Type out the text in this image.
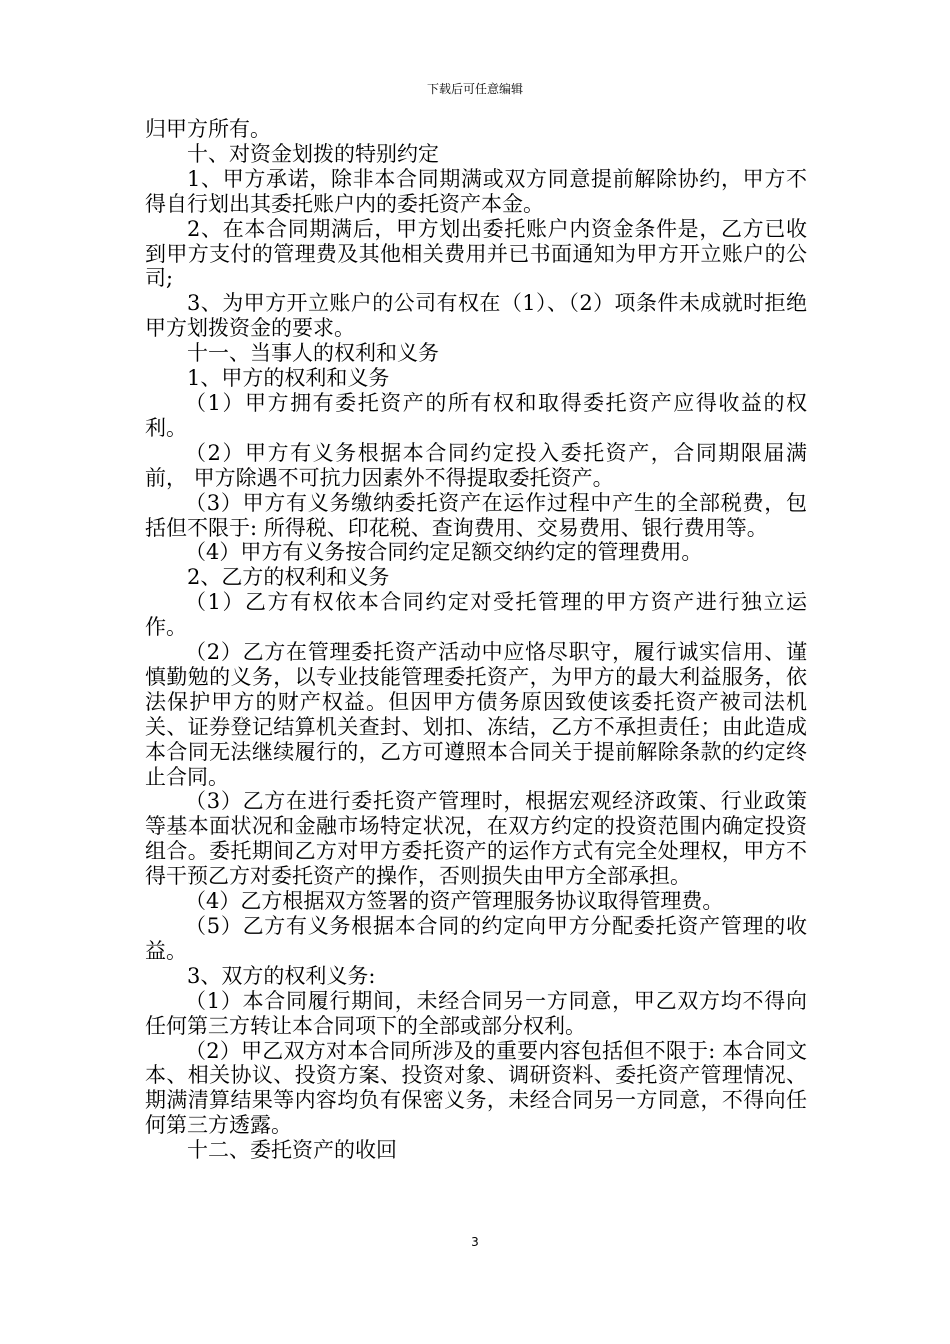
下载后可任意编辑

归甲方所有。

十、对资金划拨的特别约定

1、甲方承诺，除非本合同期满或双方同意提前解除协约，甲方不得自行划出其委托账户内的委托资产本金。

2、在本合同期满后，甲方划出委托账户内资金条件是，乙方已收到甲方支付的管理费及其他相关费用并已书面通知为甲方开立账户的公司;

3、为甲方开立账户的公司有权在（1）、（2）项条件未成就时拒绝甲方划拨资金的要求。

十一、当事人的权利和义务

1、甲方的权利和义务

（1）甲方拥有委托资产的所有权和取得委托资产应得收益的权利。

（2）甲方有义务根据本合同约定投入委托资产，合同期限届满前， 甲方除遇不可抗力因素外不得提取委托资产。

（3）甲方有义务缴纳委托资产在运作过程中产生的全部税费，包括但不限于: 所得税、印花税、查询费用、交易费用、银行费用等。

（4）甲方有义务按合同约定足额交纳约定的管理费用。

2、乙方的权利和义务

（1）乙方有权依本合同约定对受托管理的甲方资产进行独立运作。

（2）乙方在管理委托资产活动中应恪尽职守，履行诚实信用、谨慎勤勉的义务，以专业技能管理委托资产，为甲方的最大利益服务，依法保护甲方的财产权益。但因甲方债务原因致使该委托资产被司法机关、证券登记结算机关查封、划扣、冻结，乙方不承担责任；由此造成本合同无法继续履行的，乙方可遵照本合同关于提前解除条款的约定终止合同。

（3）乙方在进行委托资产管理时，根据宏观经济政策、行业政策等基本面状况和金融市场特定状况，在双方约定的投资范围内确定投资组合。委托期间乙方对甲方委托资产的运作方式有完全处理权，甲方不得干预乙方对委托资产的操作，否则损失由甲方全部承担。

（4）乙方根据双方签署的资产管理服务协议取得管理费。

（5）乙方有义务根据本合同的约定向甲方分配委托资产管理的收益。

3、双方的权利义务:

（1）本合同履行期间，未经合同另一方同意，甲乙双方均不得向任何第三方转让本合同项下的全部或部分权利。

（2）甲乙双方对本合同所涉及的重要内容包括但不限于: 本合同文本、相关协议、投资方案、投资对象、调研资料、委托资产管理情况、期满清算结果等内容均负有保密义务，未经合同另一方同意，不得向任何第三方透露。

十二、委托资产的收回

3
